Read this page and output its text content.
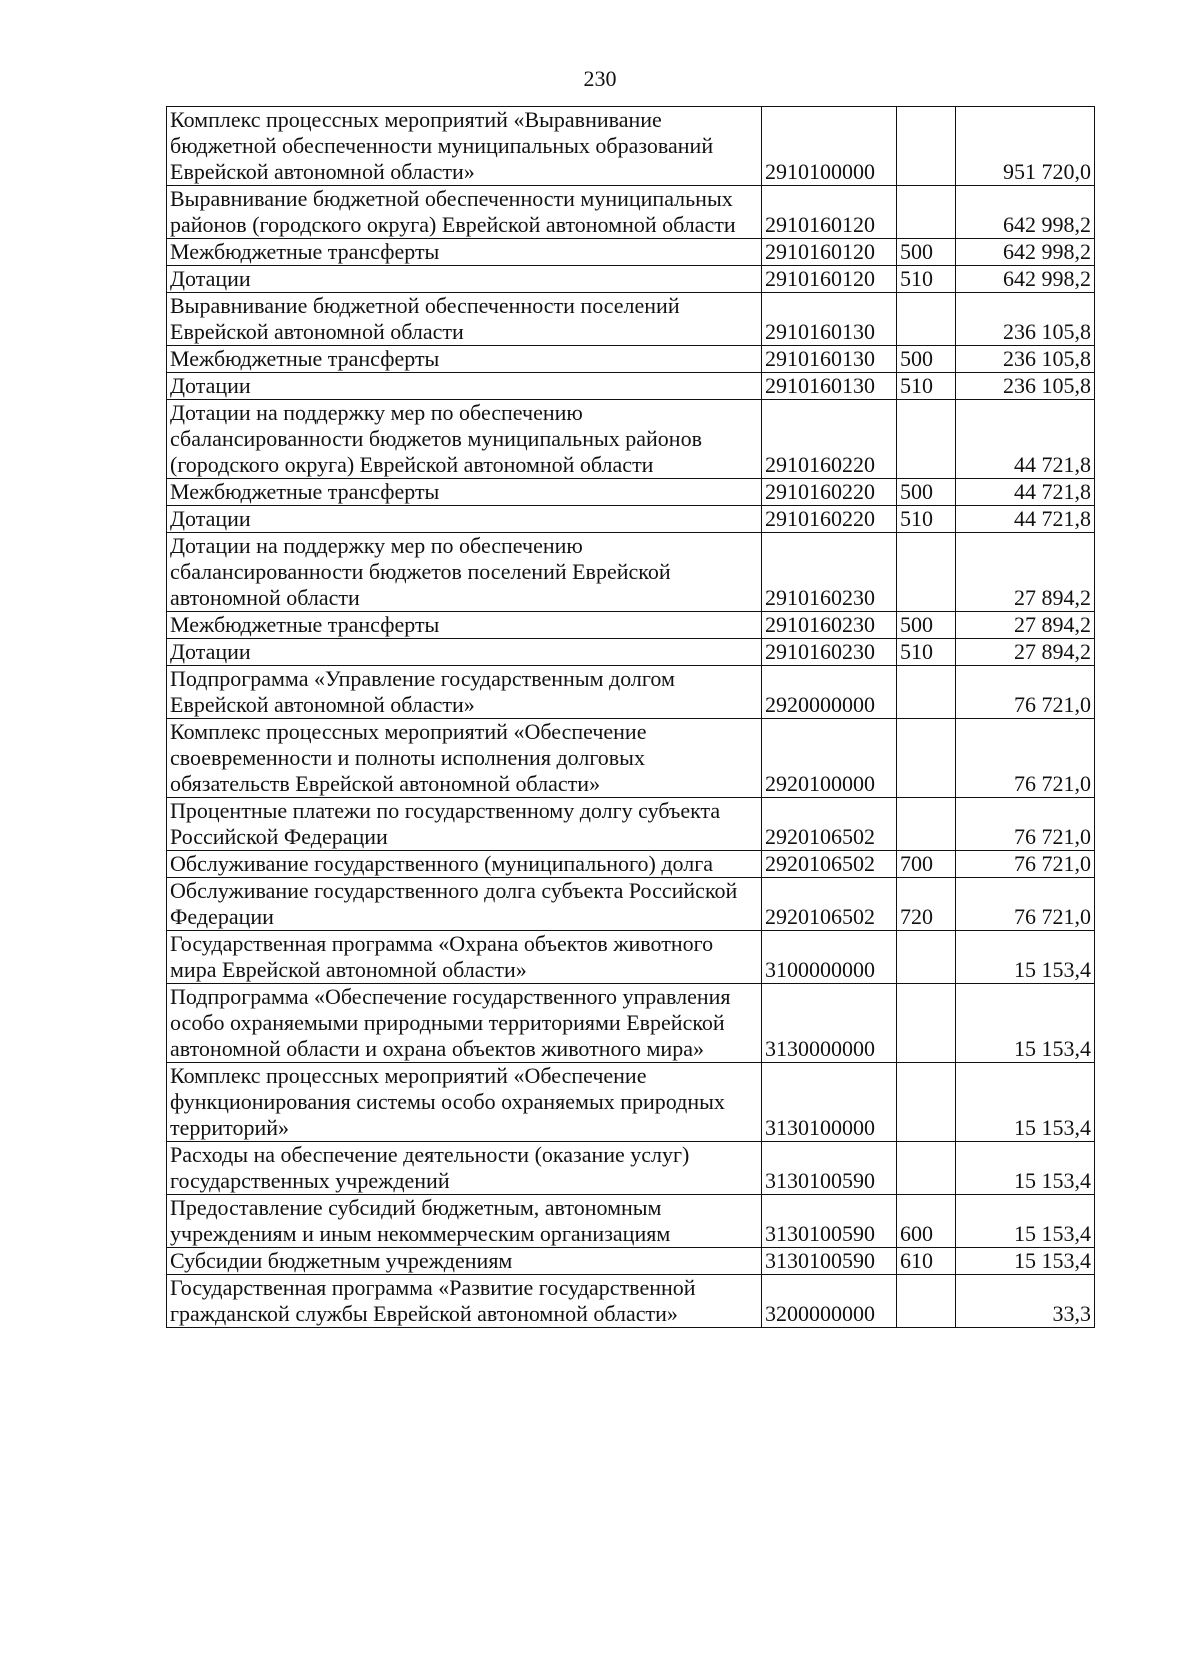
230
Комплекс процессных мероприятий «Выравнивание бюджетной обеспеченности муниципальных образований Еврейской автономной области»	2910100000		951 720,0
Выравнивание бюджетной обеспеченности муниципальных районов (городского округа) Еврейской автономной области	2910160120		642 998,2
Межбюджетные трансферты	2910160120	500	642 998,2
Дотации	2910160120	510	642 998,2
Выравнивание бюджетной обеспеченности поселений Еврейской автономной области	2910160130		236 105,8
Межбюджетные трансферты	2910160130	500	236 105,8
Дотации	2910160130	510	236 105,8
Дотации на поддержку мер по обеспечению сбалансированности бюджетов муниципальных районов (городского округа) Еврейской автономной области	2910160220		44 721,8
Межбюджетные трансферты	2910160220	500	44 721,8
Дотации	2910160220	510	44 721,8
Дотации на поддержку мер по обеспечению сбалансированности бюджетов поселений Еврейской автономной области	2910160230		27 894,2
Межбюджетные трансферты	2910160230	500	27 894,2
Дотации	2910160230	510	27 894,2
Подпрограмма «Управление государственным долгом Еврейской автономной области»	2920000000		76 721,0
Комплекс процессных мероприятий «Обеспечение своевременности и полноты исполнения долговых обязательств Еврейской автономной области»	2920100000		76 721,0
Процентные платежи по государственному долгу субъекта Российской Федерации	2920106502		76 721,0
Обслуживание государственного (муниципального) долга	2920106502	700	76 721,0
Обслуживание государственного долга субъекта Российской Федерации	2920106502	720	76 721,0
Государственная программа «Охрана объектов животного мира Еврейской автономной области»	3100000000		15 153,4
Подпрограмма «Обеспечение государственного управления особо охраняемыми природными территориями Еврейской автономной области и охрана объектов животного мира»	3130000000		15 153,4
Комплекс процессных мероприятий «Обеспечение функционирования системы особо охраняемых природных территорий»	3130100000		15 153,4
Расходы на обеспечение деятельности (оказание услуг) государственных учреждений	3130100590		15 153,4
Предоставление субсидий бюджетным, автономным учреждениям и иным некоммерческим организациям	3130100590	600	15 153,4
Субсидии бюджетным учреждениям	3130100590	610	15 153,4
Государственная программа «Развитие государственной гражданской службы Еврейской автономной области»	3200000000		33,3
